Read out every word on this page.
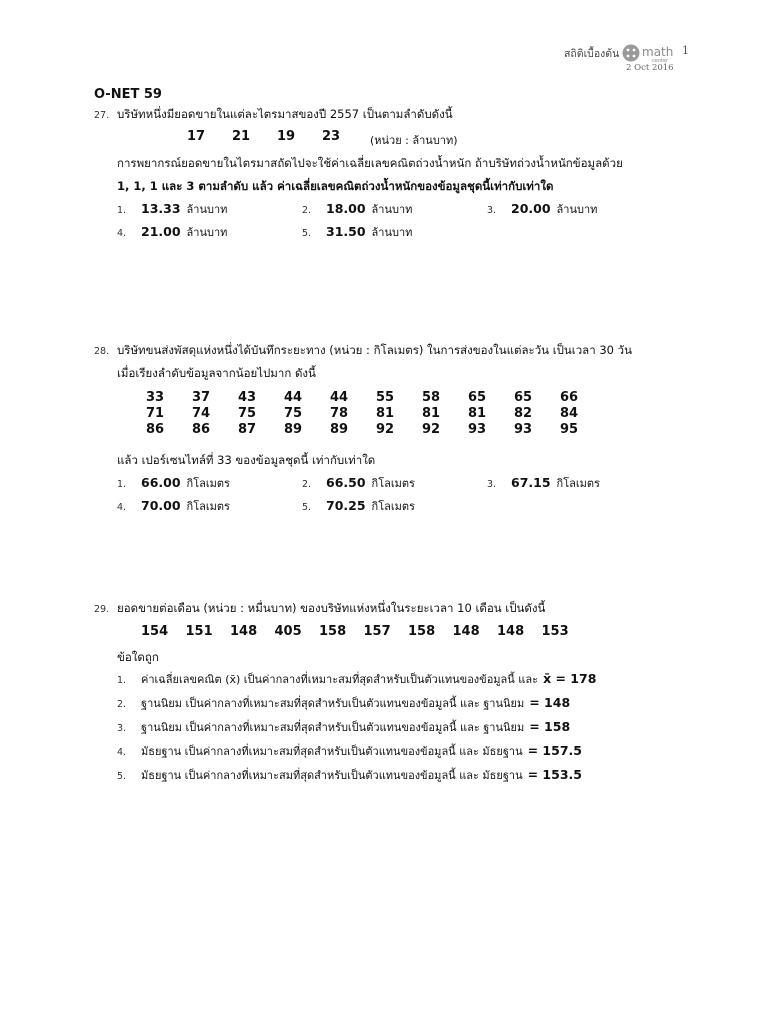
สถิติเบื้องต้น math
center
1
2 Oct 2016
O-NET 59
27. บริษัทหนึ่งมียอดขายในแต่ละไตรมาสของปี 2557 เป็นตามลำดับดังนี้
17	21	19	23	(หน่วย : ล้านบาท)
การพยากรณ์ยอดขายในไตรมาสถัดไปจะใช้ค่าเฉลี่ยเลขคณิตถ่วงน้ำหนัก ถ้าบริษัทถ่วงน้ำหนักข้อมูลด้วย
1, 1, 1 และ 3 ตามลำดับ แล้ว ค่าเฉลี่ยเลขคณิตถ่วงน้ำหนักของข้อมูลชุดนี้เท่ากับเท่าใด
1.	13.33 ล้านบาท	2.	18.00 ล้านบาท	3.	20.00 ล้านบาท
4.	21.00 ล้านบาท	5.	31.50 ล้านบาท
28. บริษัทขนส่งพัสดุแห่งหนึ่งได้บันทึกระยะทาง (หน่วย : กิโลเมตร) ในการส่งของในแต่ละวัน เป็นเวลา 30 วัน
เมื่อเรียงลำดับข้อมูลจากน้อยไปมาก ดังนี้
33	37	43	44	44	55	58	65	65	66
71	74	75	75	78	81	81	81	82	84
86	86	87	89	89	92	92	93	93	95
แล้ว เปอร์เซนไทล์ที่ 33 ของข้อมูลชุดนี้ เท่ากับเท่าใด
1.	66.00 กิโลเมตร	2.	66.50 กิโลเมตร	3.	67.15 กิโลเมตร
4.	70.00 กิโลเมตร	5.	70.25 กิโลเมตร
29. ยอดขายต่อเดือน (หน่วย : หมื่นบาท) ของบริษัทแห่งหนึ่งในระยะเวลา 10 เดือน เป็นดังนี้
154	151	148	405	158	157	158	148	148	153
ข้อใดถูก
1.	ค่าเฉลี่ยเลขคณิต (x̄) เป็นค่ากลางที่เหมาะสมที่สุดสำหรับเป็นตัวแทนของข้อมูลนี้ และ x̄ = 178
2.	ฐานนิยม เป็นค่ากลางที่เหมาะสมที่สุดสำหรับเป็นตัวแทนของข้อมูลนี้ และ ฐานนิยม = 148
3.	ฐานนิยม เป็นค่ากลางที่เหมาะสมที่สุดสำหรับเป็นตัวแทนของข้อมูลนี้ และ ฐานนิยม = 158
4.	มัธยฐาน เป็นค่ากลางที่เหมาะสมที่สุดสำหรับเป็นตัวแทนของข้อมูลนี้ และ มัธยฐาน = 157.5
5.	มัธยฐาน เป็นค่ากลางที่เหมาะสมที่สุดสำหรับเป็นตัวแทนของข้อมูลนี้ และ มัธยฐาน = 153.5
